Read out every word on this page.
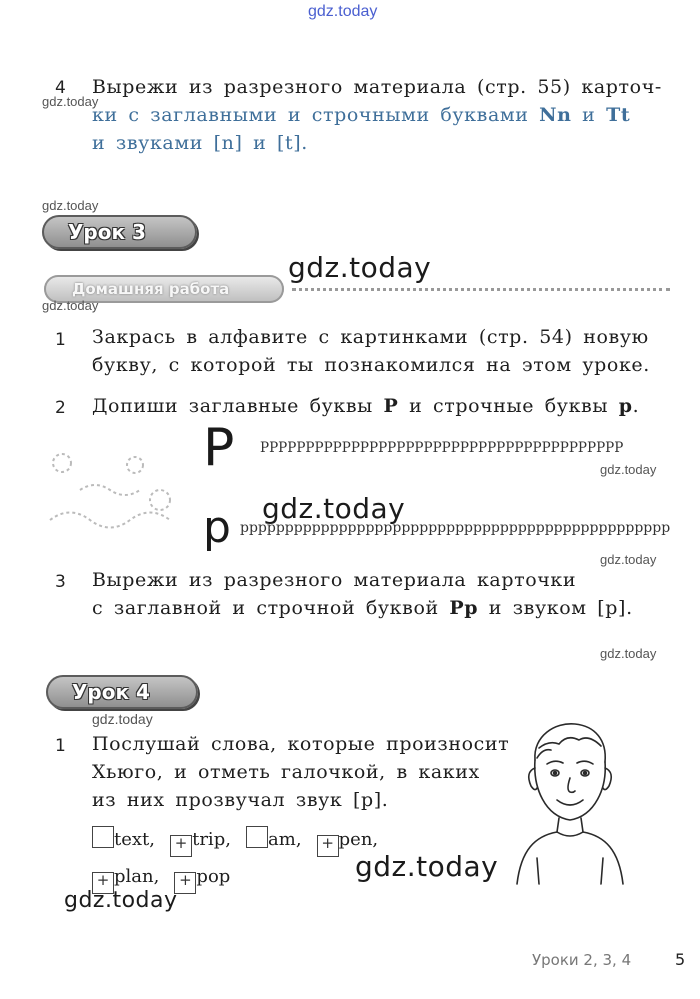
gdz.today
4 Вырежи из разрезного материала (стр. 55) карточ-
gdz.today
ки с заглавными и строчными буквами Nn и Tt
и звуками [n] и [t].
gdz.today
Урок 3
gdz.today
Домашняя работа
gdz.today
1 Закрась в алфавите с картинками (стр. 54) новую
букву, с которой ты познакомился на этом уроке.
2 Допиши заглавные буквы P и строчные буквы p.
P PPPPPPPPPPPPPPPPPPPPPPPPPPPPPPPPPPPPPPPP
gdz.today
gdz.today
p pppppppppppppppppppppppppppppppppppppppppppppppp
gdz.today
3 Вырежи из разрезного материала карточки
с заглавной и строчной буквой Pp и звуком [p].
gdz.today
Урок 4
gdz.today
1 Послушай слова, которые произносит
Хьюго, и отметь галочкой, в каких
из них прозвучал звук [p].
text, + trip, am, + pen,
+ plan, + pop	gdz.today
gdz.today
Уроки 2, 3, 4	5
